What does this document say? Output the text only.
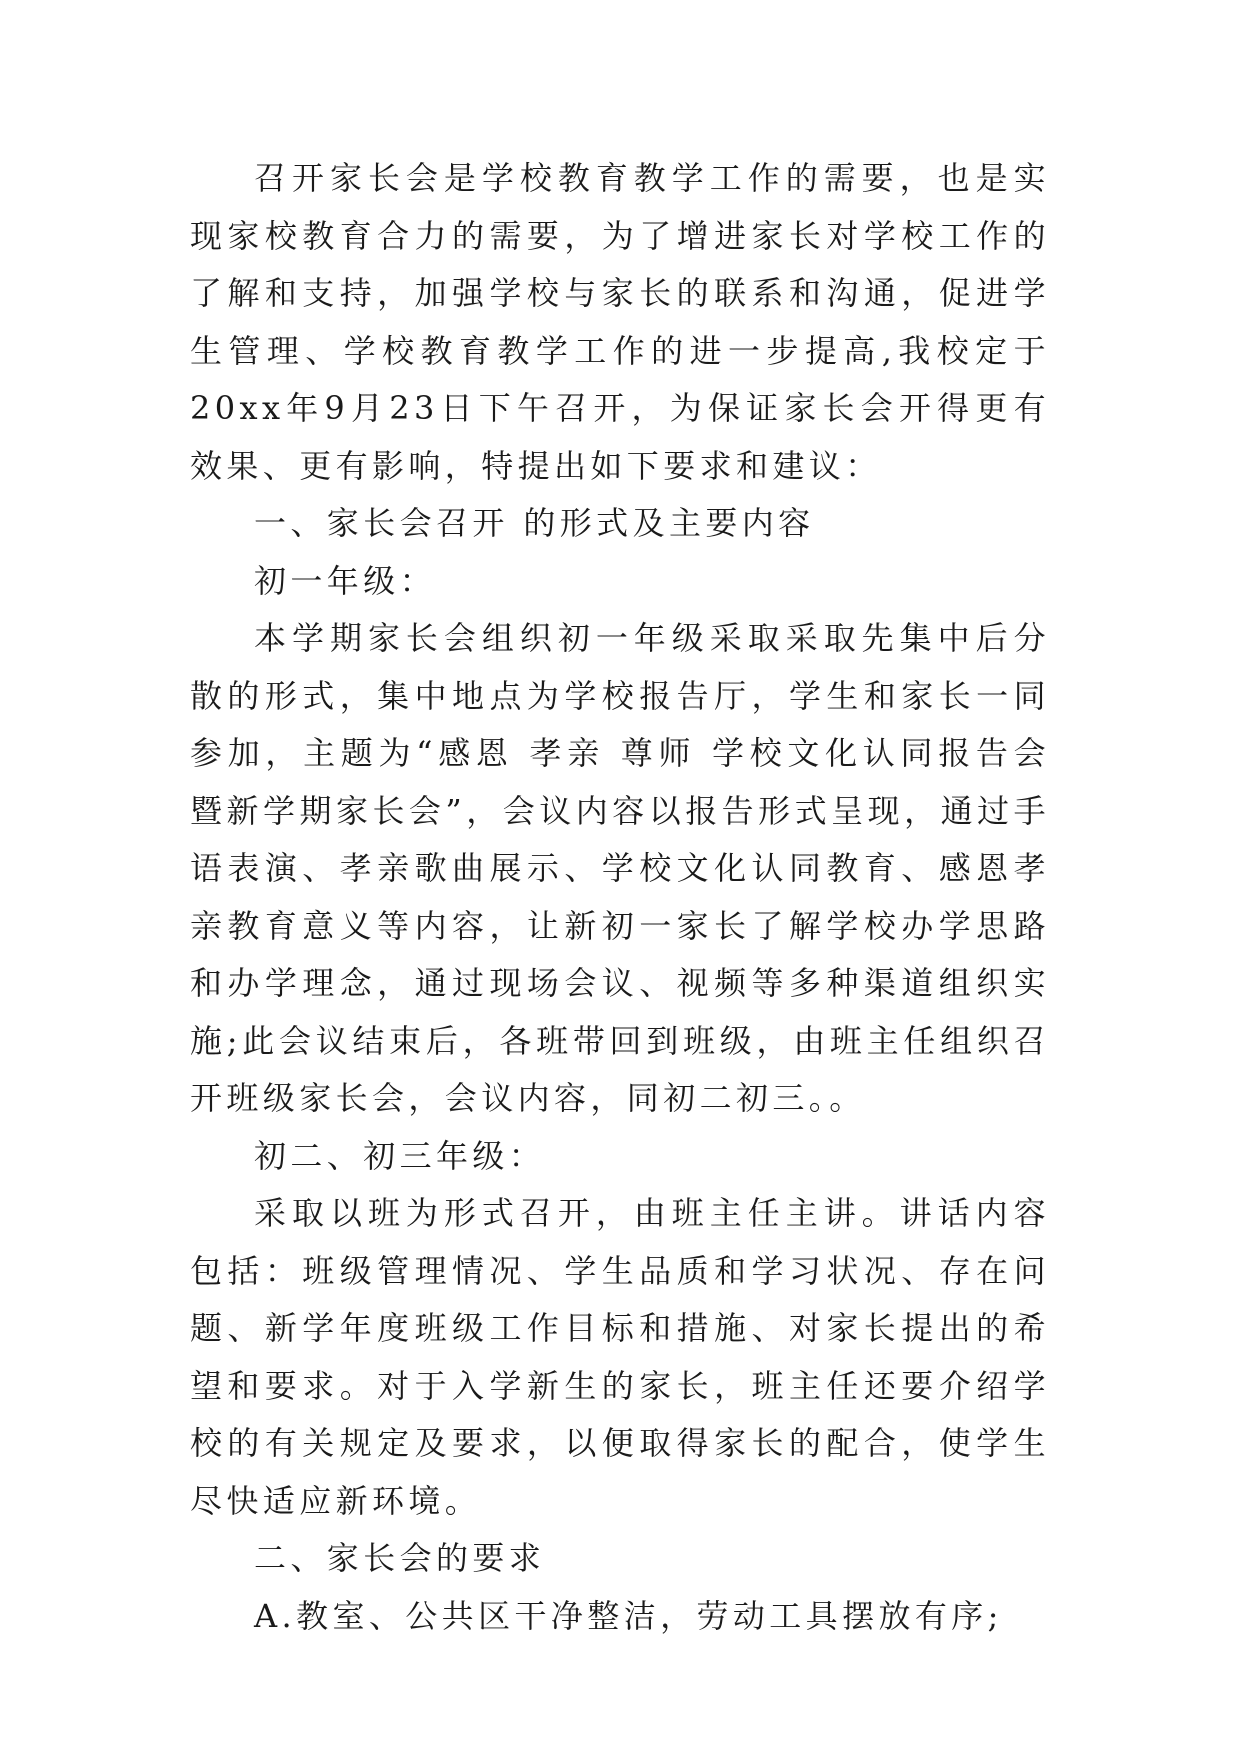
召开家长会是学校教育教学工作的需要，也是实现家校教育合力的需要，为了增进家长对学校工作的了解和支持，加强学校与家长的联系和沟通，促进学生管理、学校教育教学工作的进一步提高,我校定于20xx年9月23日下午召开，为保证家长会开得更有效果、更有影响，特提出如下要求和建议：

一、家长会召开 的形式及主要内容

初一年级：

本学期家长会组织初一年级采取采取先集中后分散的形式，集中地点为学校报告厅，学生和家长一同参加，主题为“感恩 孝亲 尊师 学校文化认同报告会暨新学期家长会”，会议内容以报告形式呈现，通过手语表演、孝亲歌曲展示、学校文化认同教育、感恩孝亲教育意义等内容，让新初一家长了解学校办学思路和办学理念，通过现场会议、视频等多种渠道组织实施;此会议结束后，各班带回到班级，由班主任组织召开班级家长会，会议内容，同初二初三。。

初二、初三年级：

采取以班为形式召开，由班主任主讲。讲话内容包括：班级管理情况、学生品质和学习状况、存在问题、新学年度班级工作目标和措施、对家长提出的希望和要求。对于入学新生的家长，班主任还要介绍学校的有关规定及要求，以便取得家长的配合，使学生尽快适应新环境。

二、家长会的要求

A.教室、公共区干净整洁，劳动工具摆放有序;
